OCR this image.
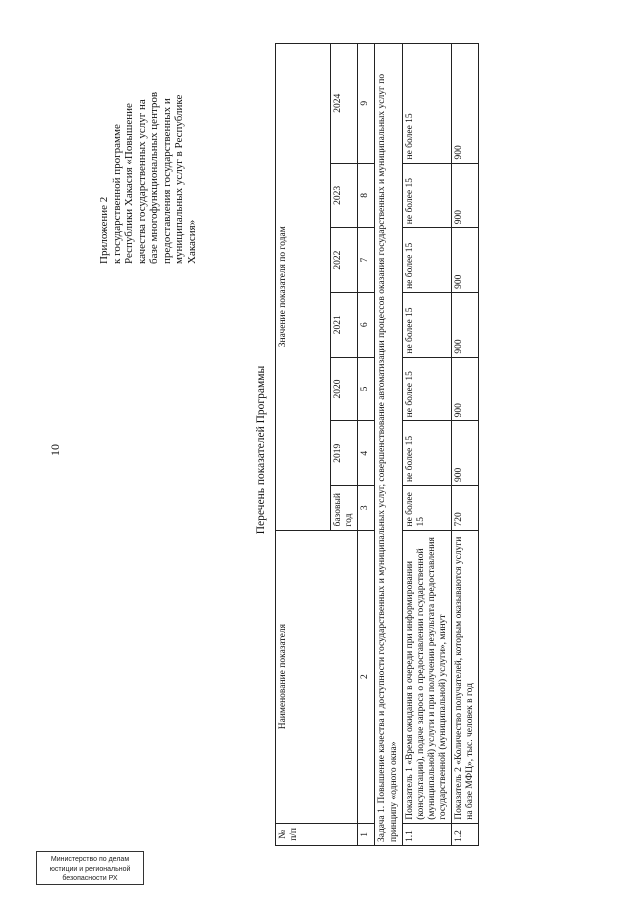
Министерство по делам
юстиции и региональной
безопасности РХ
10
Приложение 2 к государственной программе Республики Хакасия «Повышение качества государственных услуг на базе многофункциональных центров предоставления государственных и муниципальных услуг в Республике Хакасия»
Перечень показателей Программы
№ п/п	Наименование показателя	Значение показателя по годам						
		базовый год	2019	2020	2021	2022	2023	2024
1	2	3	4	5	6	7	8	9
Задача 1. Повышение качества и доступности государственных и муниципальных услуг, совершенствование автоматизации процессов оказания государственных и муниципальных услуг по принципу «одного окна»								
1.1	Показатель 1 «Время ожидания в очереди при информировании (консультации), подаче запроса о предоставлении государственной (муниципальной) услуги и при получении результата предоставления государственной (муниципальной) услуги», минут	не более 15	не более 15	не более 15	не более 15	не более 15	не более 15	не более 15
1.2	Показатель 2 «Количество получателей, которым оказываются услуги на базе МФЦ», тыс. человек в год	720	900	900	900	900	900	900
